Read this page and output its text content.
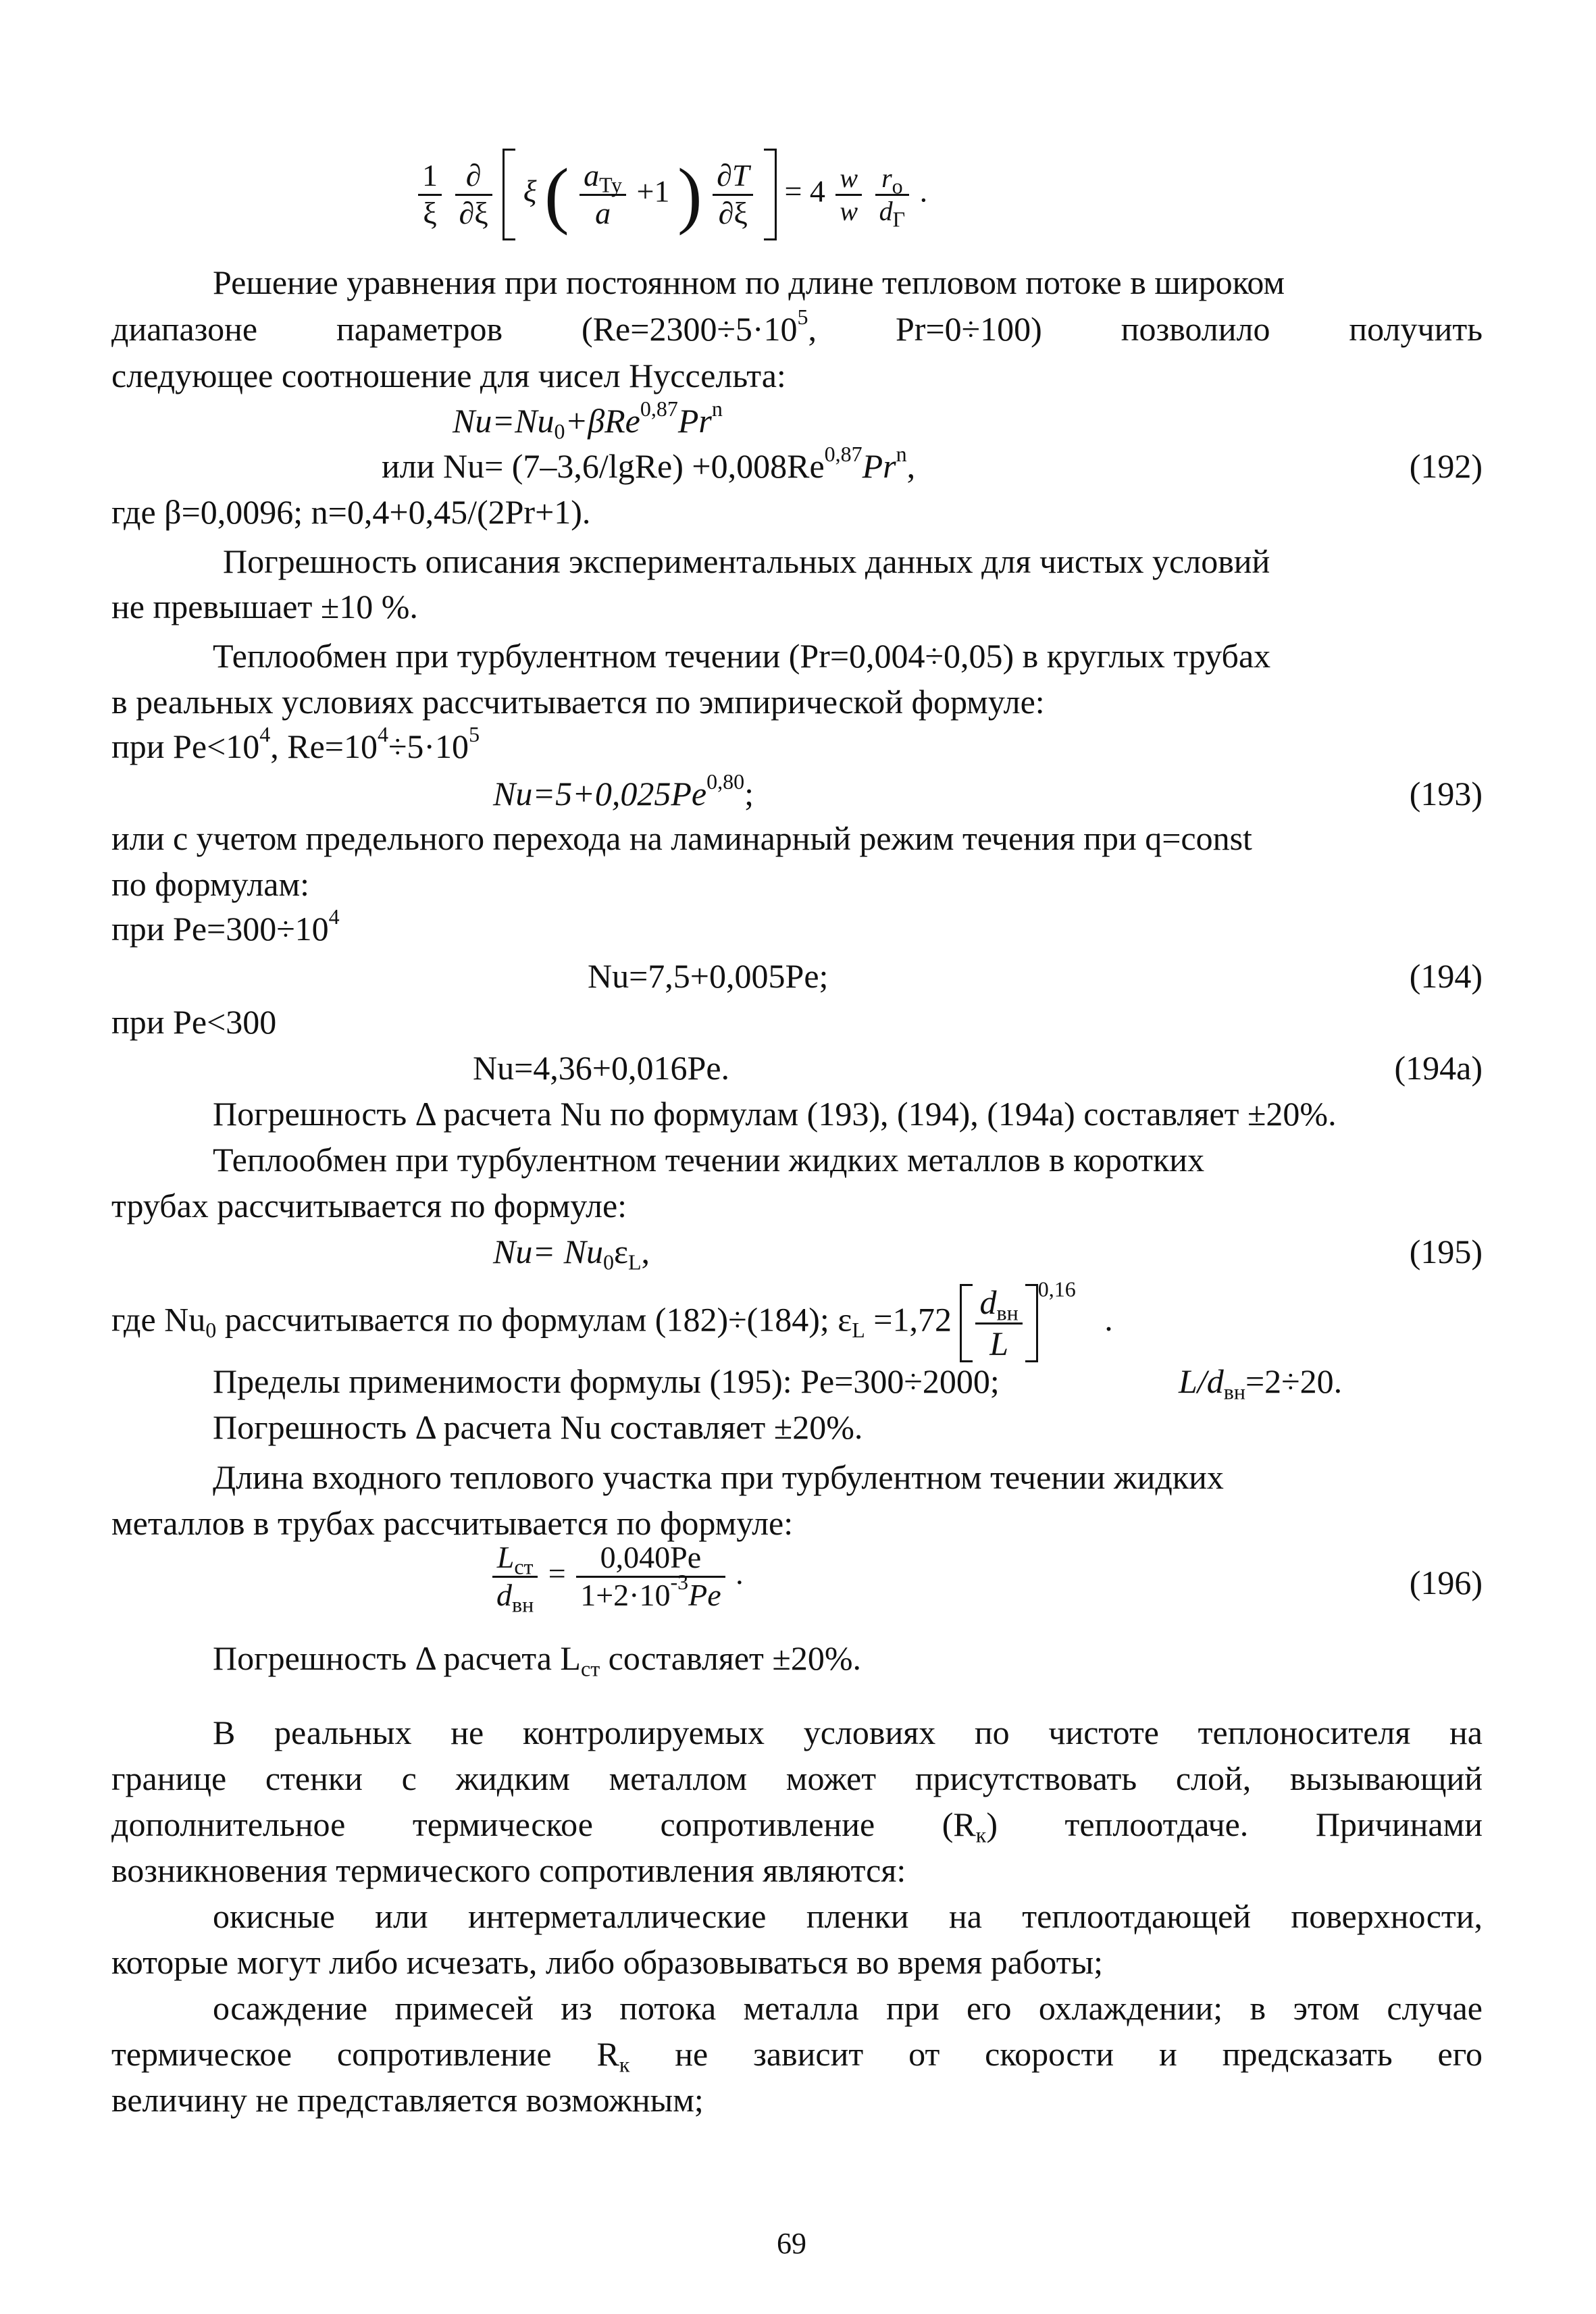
$\frac{1}{\xi}$
$\frac{\partial}{\partial\xi}$ ξ ( $\frac{a_{Ту}}{a} +1$ ) $\frac{\partial T}{\partial\xi} = 4 \frac{w}{w}$
$\frac{r_о}{d_Г}$ .
Решение уравнения при постоянном по длине тепловом потоке в широком
диапазоне параметров ($Re=2300\div 5\cdot 10^5$, Pr=0÷100) позволило получить
следующее соотношение для чисел Нуссельта:
$Nu=Nu_0+\beta Re^{0,87}Pr^n$
или Nu= (7–3,6/lgRe) $+0,008Re^{0,87}Pr^n$,	(192)
где β=0,0096; n=0,4+0,45/(2Pr+1).
Погрешность описания экспериментальных данных для чистых условий
не превышает ±10 %.
Теплообмен при турбулентном течении (Pr=0,004÷0,05) в круглых трубах
в реальных условиях рассчитывается по эмпирической формуле:
при $Pe<10^4$, $Re=10^4\div 5\cdot 10^5$
Nu=5+0,025Pe$^{0,80}$;	(193)
или с учетом предельного перехода на ламинарный режим течения при q=const
по формулам:
при $Pe=300\div 10^4$
Nu=7,5+0,005Pe;	(194)
при Pe<300
Nu=4,36+0,016Pe.	(194a)
Погрешность Δ расчета Nu по формулам (193), (194), (194a) составляет ±20%.
Теплообмен при турбулентном течении жидких металлов в коротких
трубах рассчитывается по формуле:
$Nu= Nu_0\varepsilon_L$,	(195)
где $Nu_0$ рассчитывается по формулам (182)÷(184); $\varepsilon_L =1,72 \frac{d_{вн}}{L} ^{0,16}$ .
Пределы применимости формулы (195): Pe=300÷2000;	$L/d_{вн}=2\div 20$.
Погрешность Δ расчета Nu составляет ±20%.
Длина входного теплового участка при турбулентном течении жидких
металлов в трубах рассчитывается по формуле:
$\frac{L_{ст}}{d_{вн}} = \frac{0,040Pe}{1+2\cdot 10^{-3}Pe}$ .	(196)
Погрешность Δ расчета $L_{ст}$ составляет ±20%.
В реальных не контролируемых условиях по чистоте теплоносителя на
границе стенки с жидким металлом может присутствовать слой, вызывающий
дополнительное термическое сопротивление $(R_к)$ теплоотдаче. Причинами
возникновения термического сопротивления являются:
окисные или интерметаллические пленки на теплоотдающей поверхности,
которые могут либо исчезать, либо образовываться во время работы;
осаждение примесей из потока металла при его охлаждении; в этом случае
термическое сопротивление $R_к$ не зависит от скорости и предсказать его
величину не представляется возможным;
69
